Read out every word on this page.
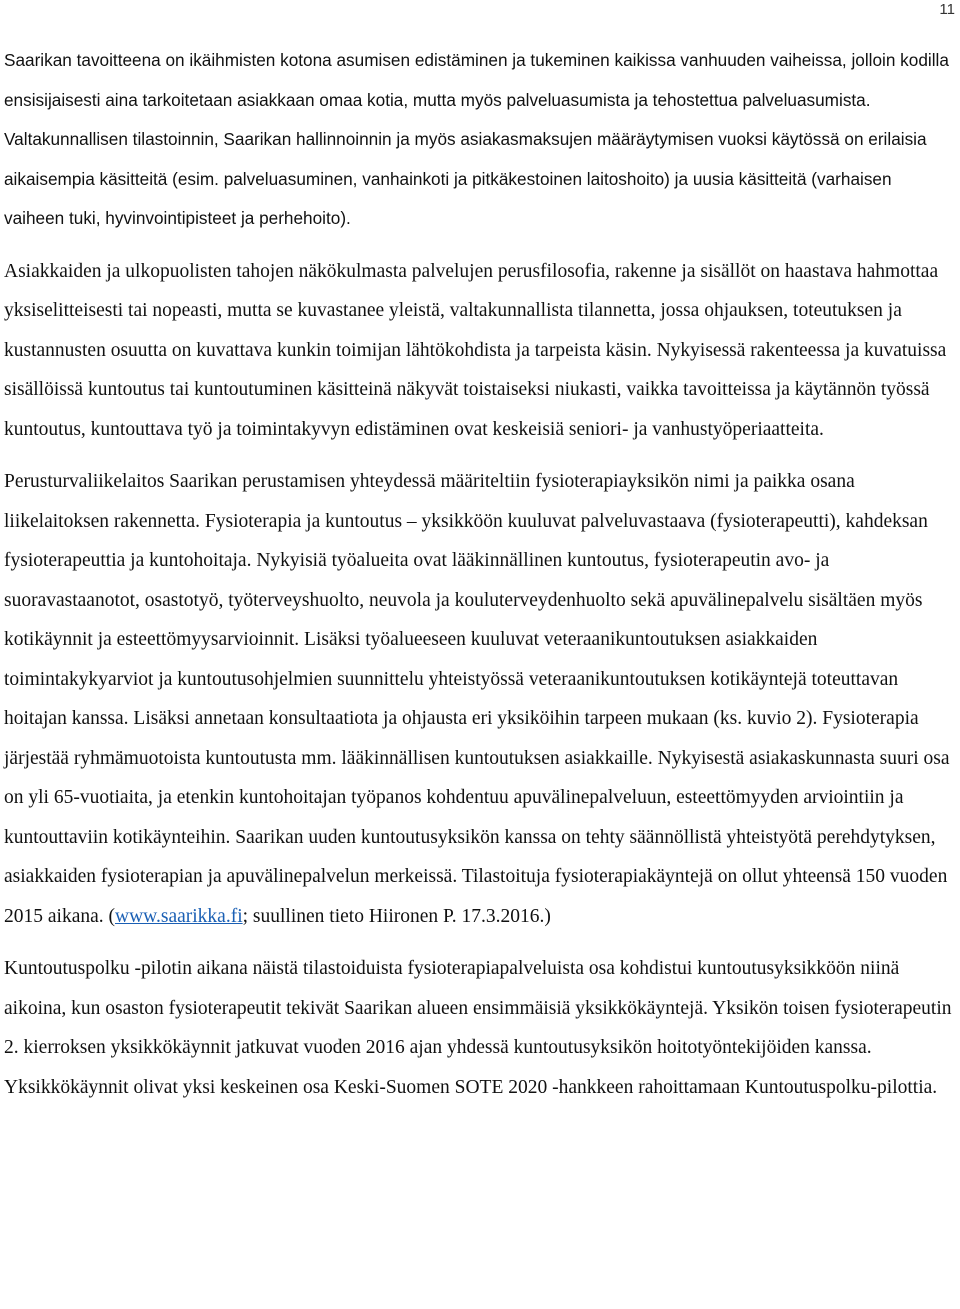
11

Saarikan tavoitteena on ikäihmisten kotona asumisen edistäminen ja tukeminen kaikissa vanhuuden vaiheissa, jolloin kodilla ensisijaisesti aina tarkoitetaan asiakkaan omaa kotia, mutta myös palveluasumista ja tehostettua palveluasumista. Valtakunnallisen tilastoinnin, Saarikan hallinnoinnin ja myös asiakasmaksujen määräytymisen vuoksi käytössä on erilaisia aikaisempia käsitteitä (esim. palveluasuminen, vanhainkoti ja pitkäkestoinen laitoshoito) ja uusia käsitteitä (varhaisen vaiheen tuki, hyvinvointipisteet ja perhehoito).

Asiakkaiden ja ulkopuolisten tahojen näkökulmasta palvelujen perusfilosofia, rakenne ja sisällöt on haastava hahmottaa yksiselitteisesti tai nopeasti, mutta se kuvastanee yleistä, valtakunnallista tilannetta, jossa ohjauksen, toteutuksen ja kustannusten osuutta on kuvattava kunkin toimijan lähtökohdista ja tarpeista käsin. Nykyisessä rakenteessa ja kuvatuissa sisällöissä kuntoutus tai kuntoutuminen käsitteinä näkyvät toistaiseksi niukasti, vaikka tavoitteissa ja käytännön työssä kuntoutus, kuntouttava työ ja toimintakyvyn edistäminen ovat keskeisiä seniori- ja vanhustyöperiaatteita.

Perusturvaliikelaitos Saarikan perustamisen yhteydessä määriteltiin fysioterapiayksikön nimi ja paikka osana liikelaitoksen rakennetta. Fysioterapia ja kuntoutus – yksikköön kuuluvat palveluvastaava (fysioterapeutti), kahdeksan fysioterapeuttia ja kuntohoitaja. Nykyisiä työalueita ovat lääkinnällinen kuntoutus, fysioterapeutin avo- ja suoravastaanotot, osastotyö, työterveyshuolto, neuvola ja kouluterveydenhuolto sekä apuvälinepalvelu sisältäen myös kotikäynnit ja esteettömyysarvioinnit. Lisäksi työalueeseen kuuluvat veteraanikuntoutuksen asiakkaiden toimintakykyarviot ja kuntoutusohjelmien suunnittelu yhteistyössä veteraanikuntoutuksen kotikäyntejä toteuttavan hoitajan kanssa. Lisäksi annetaan konsultaatiota ja ohjausta eri yksiköihin tarpeen mukaan (ks. kuvio 2). Fysioterapia järjestää ryhmämuotoista kuntoutusta mm. lääkinnällisen kuntoutuksen asiakkaille. Nykyisestä asiakaskunnasta suuri osa on yli 65-vuotiaita, ja etenkin kuntohoitajan työpanos kohdentuu apuvälinepalveluun, esteettömyyden arviointiin ja kuntouttaviin kotikäynteihin. Saarikan uuden kuntoutusyksikön kanssa on tehty säännöllistä yhteistyötä perehdytyksen, asiakkaiden fysioterapian ja apuvälinepalvelun merkeissä. Tilastoituja fysioterapiakäyntejä on ollut yhteensä 150 vuoden 2015 aikana. (www.saarikka.fi; suullinen tieto Hiironen P. 17.3.2016.)

Kuntoutuspolku -pilotin aikana näistä tilastoiduista fysioterapiapalveluista osa kohdistui kuntoutusyksikköön niinä aikoina, kun osaston fysioterapeutit tekivät Saarikan alueen ensimmäisiä yksikkökäyntejä. Yksikön toisen fysioterapeutin 2. kierroksen yksikkökäynnit jatkuvat vuoden 2016 ajan yhdessä kuntoutusyksikön hoitotyöntekijöiden kanssa. Yksikkökäynnit olivat yksi keskeinen osa Keski-Suomen SOTE 2020 -hankkeen rahoittamaan Kuntoutuspolku-pilottia.
